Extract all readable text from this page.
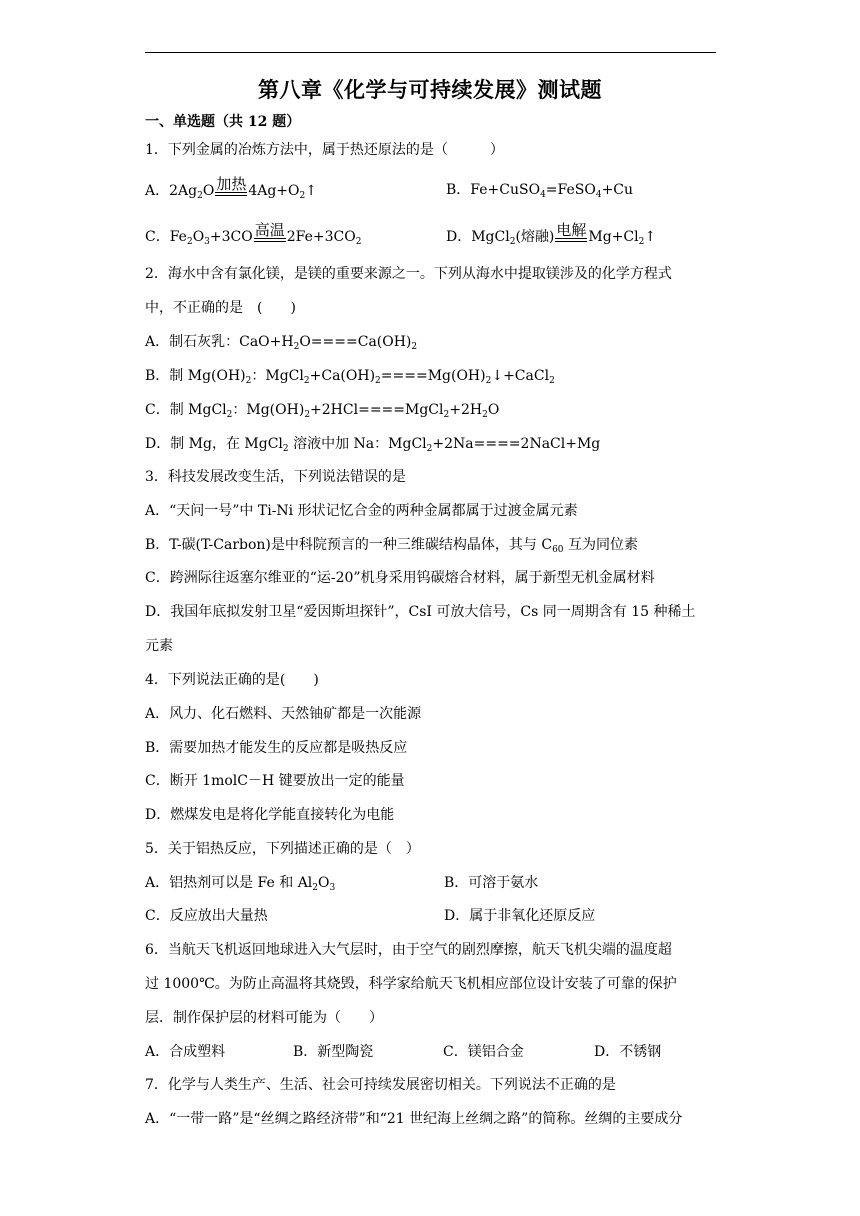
第八章《化学与可持续发展》测试题
一、单选题（共 12 题）
1．下列金属的冶炼方法中，属于热还原法的是（　　　）
A．$2Ag_2O$ 加热 $4Ag+O_2↑$	B．Fe+CuSO$_4$=FeSO$_4$+Cu
C．$Fe_2O_3+3CO$ 高温 $2Fe+3CO_2$	D．MgCl$_2$(熔融) 电解 $Mg+Cl_2↑$
2．海水中含有氯化镁，是镁的重要来源之一。下列从海水中提取镁涉及的化学方程式
中，不正确的是　(　　)
A．制石灰乳：$CaO+H_2O====Ca(OH)_2$
B．制 $Mg(OH)_2$：$MgCl_2+Ca(OH)_2====Mg(OH)_2↓+CaCl_2$
C．制 MgCl$_2$：$Mg(OH)_2+2HCl====MgCl_2+2H_2O$
D．制 Mg，在 MgCl$_2$ 溶液中加 Na：MgCl$_2$+2Na====2NaCl+Mg
3．科技发展改变生活，下列说法错误的是
A．“天问一号”中 Ti-Ni 形状记忆合金的两种金属都属于过渡金属元素
B．T-碳(T-Carbon)是中科院预言的一种三维碳结构晶体，其与 $C_{60}$ 互为同位素
C．跨洲际往返塞尔维亚的“运-20”机身采用钨碳熔合材料，属于新型无机金属材料
D．我国年底拟发射卫星“爱因斯坦探针”，CsI 可放大信号，Cs 同一周期含有 15 种稀土
元素
4．下列说法正确的是(　　)
A．风力、化石燃料、天然铀矿都是一次能源
B．需要加热才能发生的反应都是吸热反应
C．断开 1molC－H 键要放出一定的能量
D．燃煤发电是将化学能直接转化为电能
5．关于铝热反应，下列描述正确的是（　）
A．铝热剂可以是 Fe 和 $Al_2O_3$	B．可溶于氨水
C．反应放出大量热	D．属于非氧化还原反应
6．当航天飞机返回地球进入大气层时，由于空气的剧烈摩擦，航天飞机尖端的温度超
过 1000℃。为防止高温将其烧毁，科学家给航天飞机相应部位设计安装了可靠的保护
层．制作保护层的材料可能为（　　）
A．合成塑料	B．新型陶瓷	C．镁铝合金	D．不锈钢
7．化学与人类生产、生活、社会可持续发展密切相关。下列说法不正确的是
A．“一带一路”是“丝绸之路经济带”和“21 世纪海上丝绸之路”的简称。丝绸的主要成分
